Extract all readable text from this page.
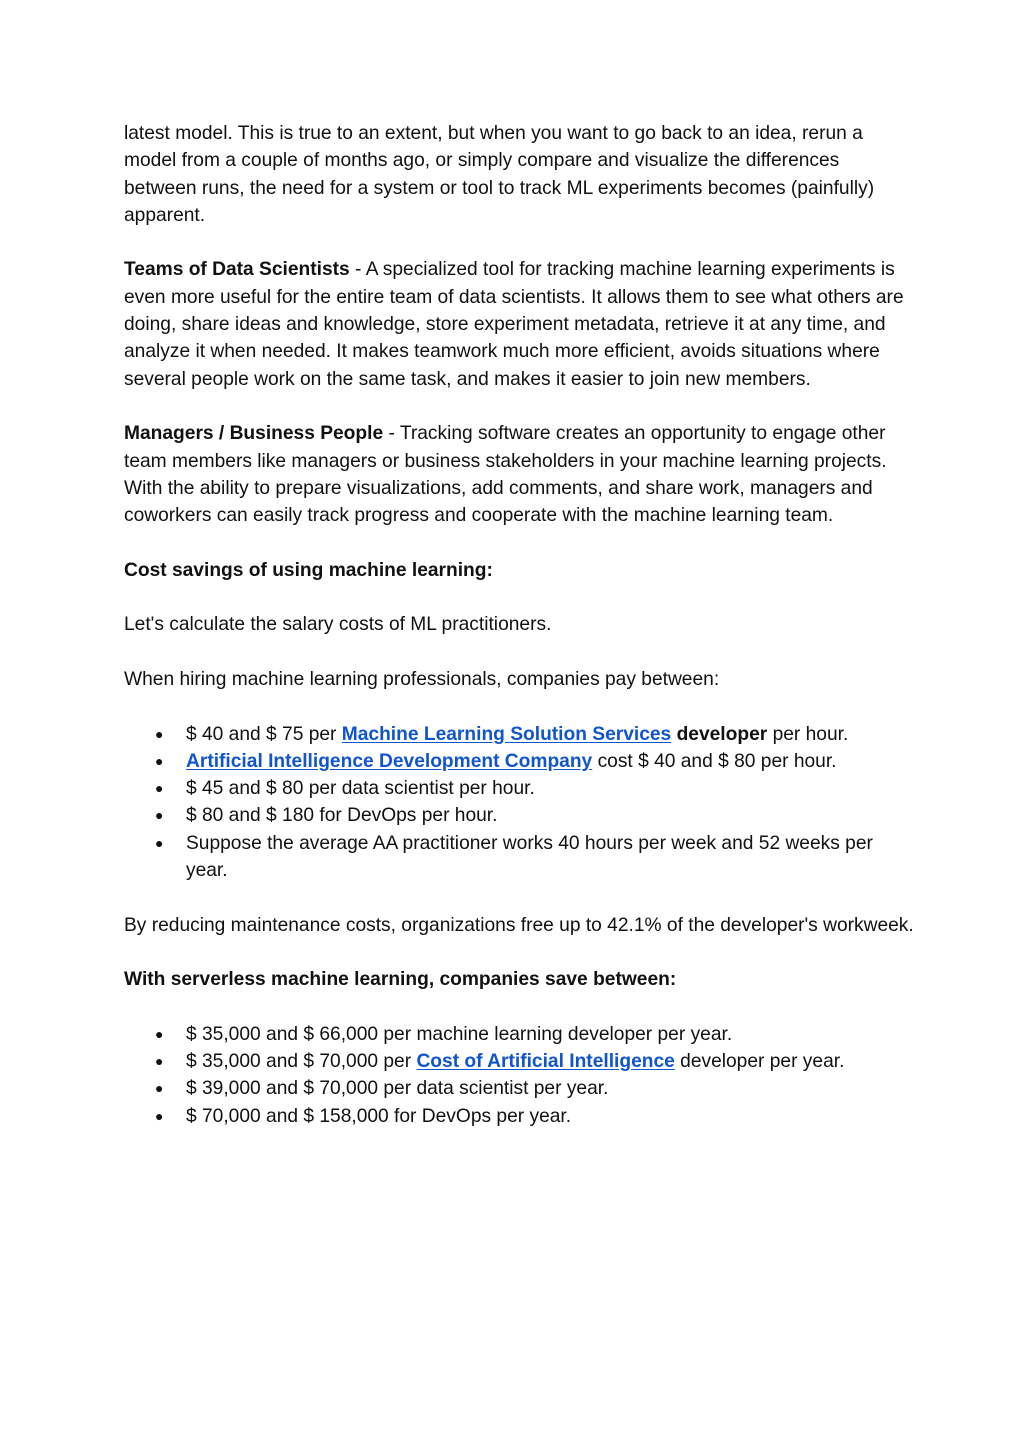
latest model. This is true to an extent, but when you want to go back to an idea, rerun a model from a couple of months ago, or simply compare and visualize the differences between runs, the need for a system or tool to track ML experiments becomes (painfully) apparent.

Teams of Data Scientists - A specialized tool for tracking machine learning experiments is even more useful for the entire team of data scientists. It allows them to see what others are doing, share ideas and knowledge, store experiment metadata, retrieve it at any time, and analyze it when needed. It makes teamwork much more efficient, avoids situations where several people work on the same task, and makes it easier to join new members.

Managers / Business People - Tracking software creates an opportunity to engage other team members like managers or business stakeholders in your machine learning projects. With the ability to prepare visualizations, add comments, and share work, managers and coworkers can easily track progress and cooperate with the machine learning team.

Cost savings of using machine learning:

Let's calculate the salary costs of ML practitioners.

When hiring machine learning professionals, companies pay between:

● $ 40 and $ 75 per Machine Learning Solution Services developer per hour.
● Artificial Intelligence Development Company cost $ 40 and $ 80 per hour.
● $ 45 and $ 80 per data scientist per hour.
● $ 80 and $ 180 for DevOps per hour.
● Suppose the average AA practitioner works 40 hours per week and 52 weeks per year.

By reducing maintenance costs, organizations free up to 42.1% of the developer's workweek.

With serverless machine learning, companies save between:

● $ 35,000 and $ 66,000 per machine learning developer per year.
● $ 35,000 and $ 70,000 per Cost of Artificial Intelligence developer per year.
● $ 39,000 and $ 70,000 per data scientist per year.
● $ 70,000 and $ 158,000 for DevOps per year.
